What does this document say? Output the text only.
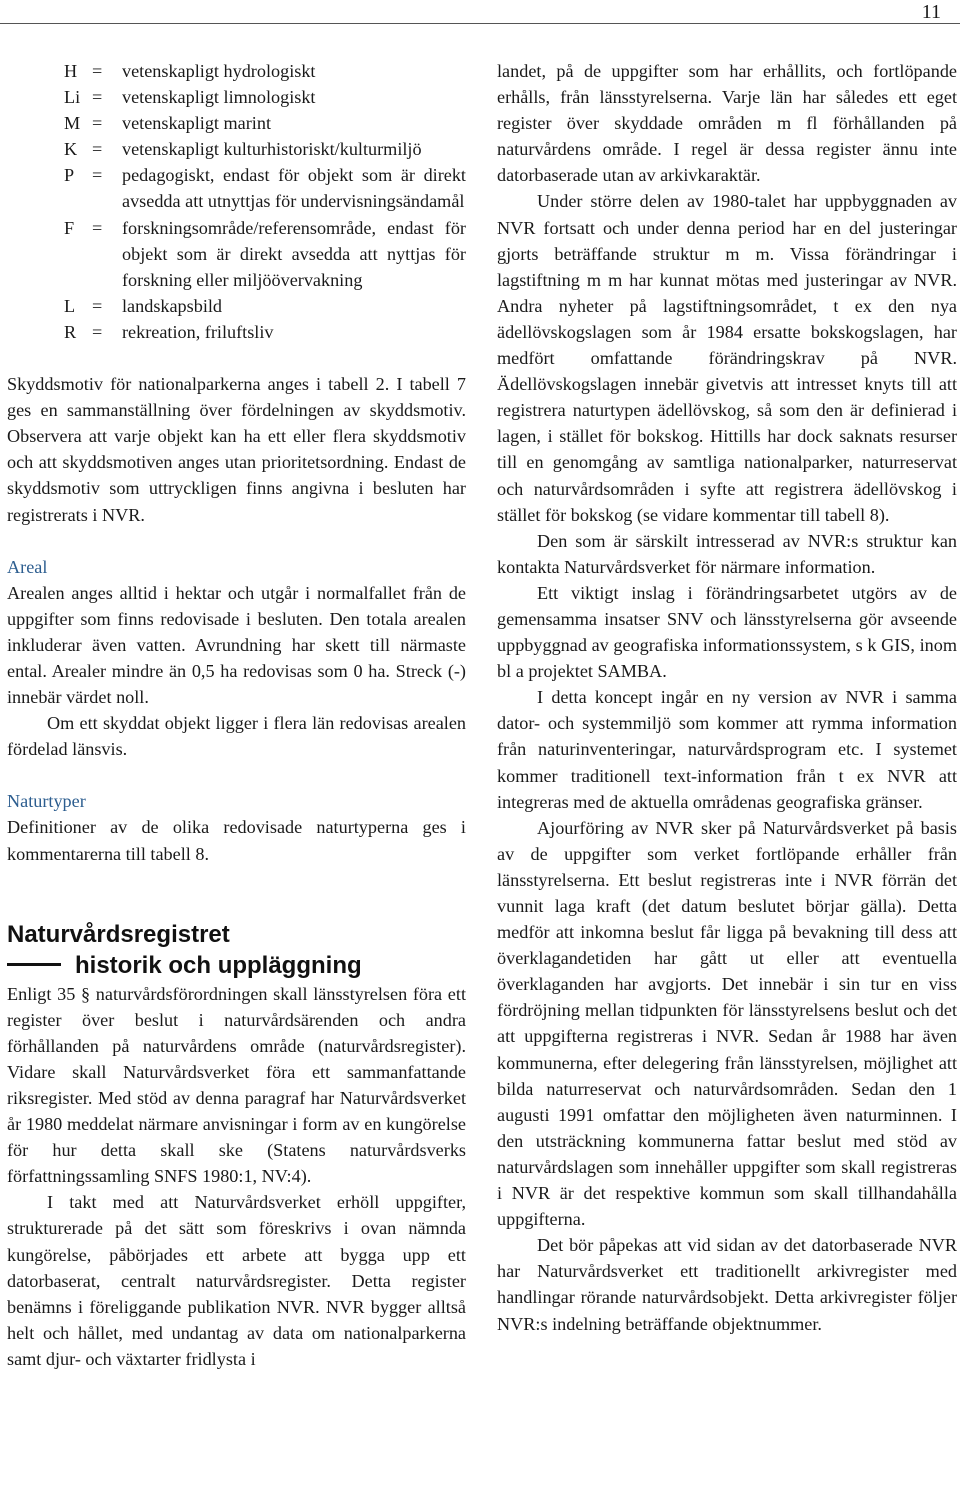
11
H =	vetenskapligt hydrologiskt
Li =	vetenskapligt limnologiskt
M =	vetenskapligt marint
K =	vetenskapligt kulturhistoriskt/kulturmiljö
P =	pedagogiskt, endast för objekt som är direkt avsedda att utnyttjas för undervisningsändamål
F =	forskningsområde/referensområde, endast för objekt som är direkt avsedda att nyttjas för forskning eller miljöövervakning
L =	landskapsbild
R =	rekreation, friluftsliv

Skyddsmotiv för nationalparkerna anges i tabell 2. I tabell 7 ges en sammanställning över fördelningen av skyddsmotiv. Observera att varje objekt kan ha ett eller flera skyddsmotiv och att skyddsmotiven anges utan prioritetsordning. Endast de skyddsmotiv som uttryckligen finns angivna i besluten har registrerats i NVR.

Areal

Arealen anges alltid i hektar och utgår i normalfallet från de uppgifter som finns redovisade i besluten. Den totala arealen inkluderar även vatten. Avrundning har skett till närmaste ental. Arealer mindre än 0,5 ha redovisas som 0 ha. Streck (-) innebär värdet noll.

Om ett skyddat objekt ligger i flera län redovisas arealen fördelad länsvis.

Naturtyper

Definitioner av de olika redovisade naturtyperna ges i kommentarerna till tabell 8.

Naturvårdsregistret

historik och uppläggning

Enligt 35 § naturvårdsförordningen skall länsstyrelsen föra ett register över beslut i naturvårdsärenden och andra förhållanden på naturvårdens område (naturvårdsregister). Vidare skall Naturvårdsverket föra ett sammanfattande riksregister. Med stöd av denna paragraf har Naturvårdsverket år 1980 meddelat närmare anvisningar i form av en kungörelse för hur detta skall ske (Statens naturvårdsverks författningssamling SNFS 1980:1, NV:4).

I takt med att Naturvårdsverket erhöll uppgifter, strukturerade på det sätt som föreskrivs i ovan nämnda kungörelse, påbörjades ett arbete att bygga upp ett datorbaserat, centralt naturvårdsregister. Detta register benämns i föreliggande publikation NVR. NVR bygger alltså helt och hållet, med undantag av data om nationalparkerna samt djur- och växtarter fridlysta i

landet, på de uppgifter som har erhållits, och fortlöpande erhålls, från länsstyrelserna. Varje län har således ett eget register över skyddade områden m fl förhållanden på naturvårdens område. I regel är dessa register ännu inte datorbaserade utan av arkivkaraktär.

Under större delen av 1980-talet har uppbyggnaden av NVR fortsatt och under denna period har en del justeringar gjorts beträffande struktur m m. Vissa förändringar i lagstiftning m m har kunnat mötas med justeringar av NVR. Andra nyheter på lagstiftningsområdet, t ex den nya ädellövskogslagen som år 1984 ersatte bokskogslagen, har medfört omfattande förändringskrav på NVR. Ädellövskogslagen innebär givetvis att intresset knyts till att registrera naturtypen ädellövskog, så som den är definierad i lagen, i stället för bokskog. Hittills har dock saknats resurser till en genomgång av samtliga nationalparker, naturreservat och naturvårdsområden i syfte att registrera ädellövskog i stället för bokskog (se vidare kommentar till tabell 8).

Den som är särskilt intresserad av NVR:s struktur kan kontakta Naturvårdsverket för närmare information.

Ett viktigt inslag i förändringsarbetet utgörs av de gemensamma insatser SNV och länsstyrelserna gör avseende uppbyggnad av geografiska informationssystem, s k GIS, inom bl a projektet SAMBA.

I detta koncept ingår en ny version av NVR i samma dator- och systemmiljö som kommer att rymma information från naturinventeringar, naturvårdsprogram etc. I systemet kommer traditionell text-information från t ex NVR att integreras med de aktuella områdenas geografiska gränser.

Ajourföring av NVR sker på Naturvårdsverket på basis av de uppgifter som verket fortlöpande erhåller från länsstyrelserna. Ett beslut registreras inte i NVR förrän det vunnit laga kraft (det datum beslutet börjar gälla). Detta medför att inkomna beslut får ligga på bevakning till dess att överklagandetiden har gått ut eller att eventuella överklaganden har avgjorts. Det innebär i sin tur en viss fördröjning mellan tidpunkten för länsstyrelsens beslut och det att uppgifterna registreras i NVR. Sedan år 1988 har även kommunerna, efter delegering från länsstyrelsen, möjlighet att bilda naturreservat och naturvårdsområden. Sedan den 1 augusti 1991 omfattar den möjligheten även naturminnen. I den utsträckning kommunerna fattar beslut med stöd av naturvårdslagen som innehåller uppgifter som skall registreras i NVR är det respektive kommun som skall tillhandahålla uppgifterna.

Det bör påpekas att vid sidan av det datorbaserade NVR har Naturvårdsverket ett traditionellt arkivregister med handlingar rörande naturvårdsobjekt. Detta arkivregister följer NVR:s indelning beträffande objektnummer.
